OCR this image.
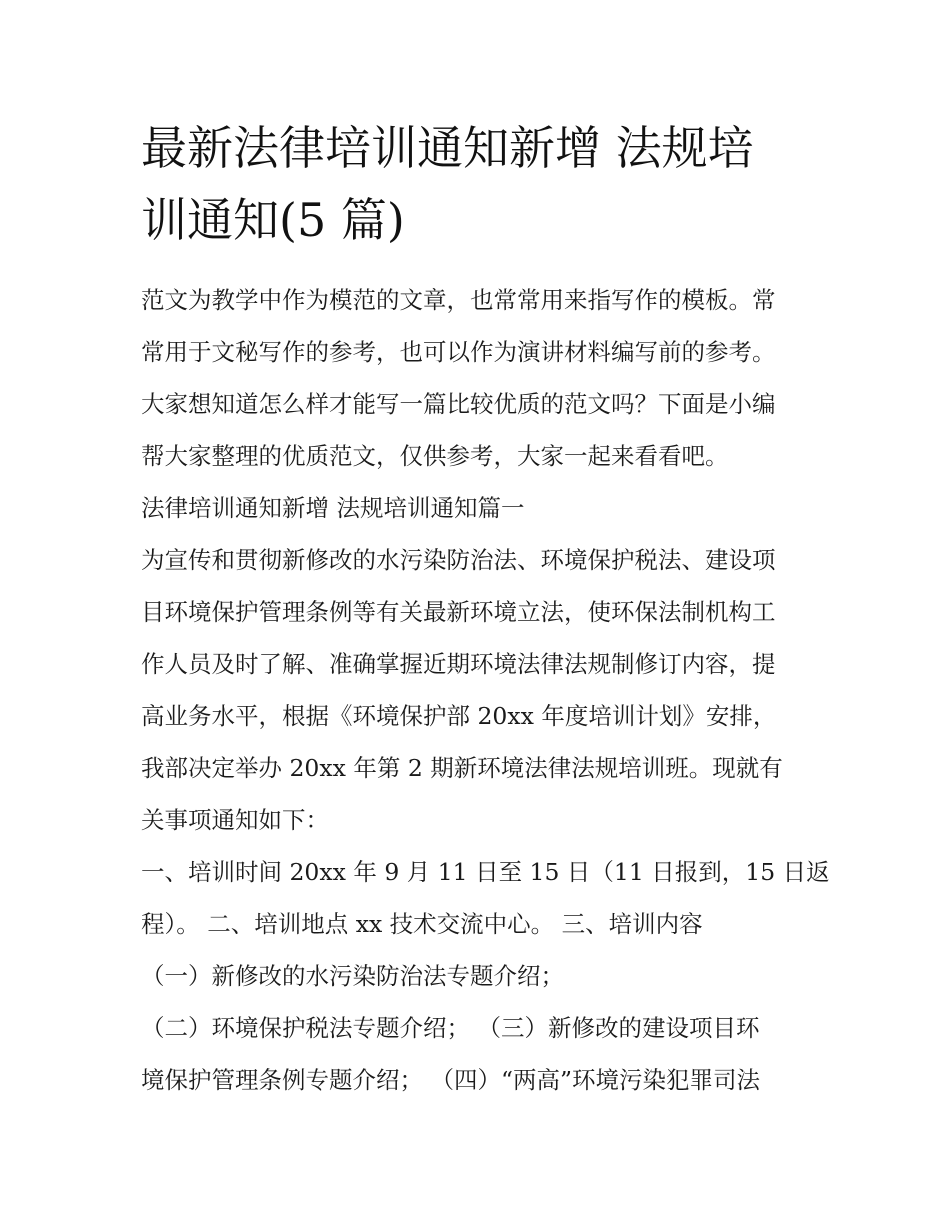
最新法律培训通知新增 法规培
训通知(5 篇)
范文为教学中作为模范的文章，也常常用来指写作的模板。常
常用于文秘写作的参考，也可以作为演讲材料编写前的参考。
大家想知道怎么样才能写一篇比较优质的范文吗？下面是小编
帮大家整理的优质范文，仅供参考，大家一起来看看吧。
法律培训通知新增 法规培训通知篇一
为宣传和贯彻新修改的水污染防治法、环境保护税法、建设项
目环境保护管理条例等有关最新环境立法，使环保法制机构工
作人员及时了解、准确掌握近期环境法律法规制修订内容，提
高业务水平，根据《环境保护部 20xx 年度培训计划》安排，
我部决定举办 20xx 年第 2 期新环境法律法规培训班。现就有
关事项通知如下：
一、培训时间 20xx 年 9 月 11 日至 15 日（11 日报到，15 日返
程）。 二、培训地点 xx 技术交流中心。 三、培训内容
（一）新修改的水污染防治法专题介绍；
（二）环境保护税法专题介绍； （三）新修改的建设项目环
境保护管理条例专题介绍； （四）“两高”环境污染犯罪司法
